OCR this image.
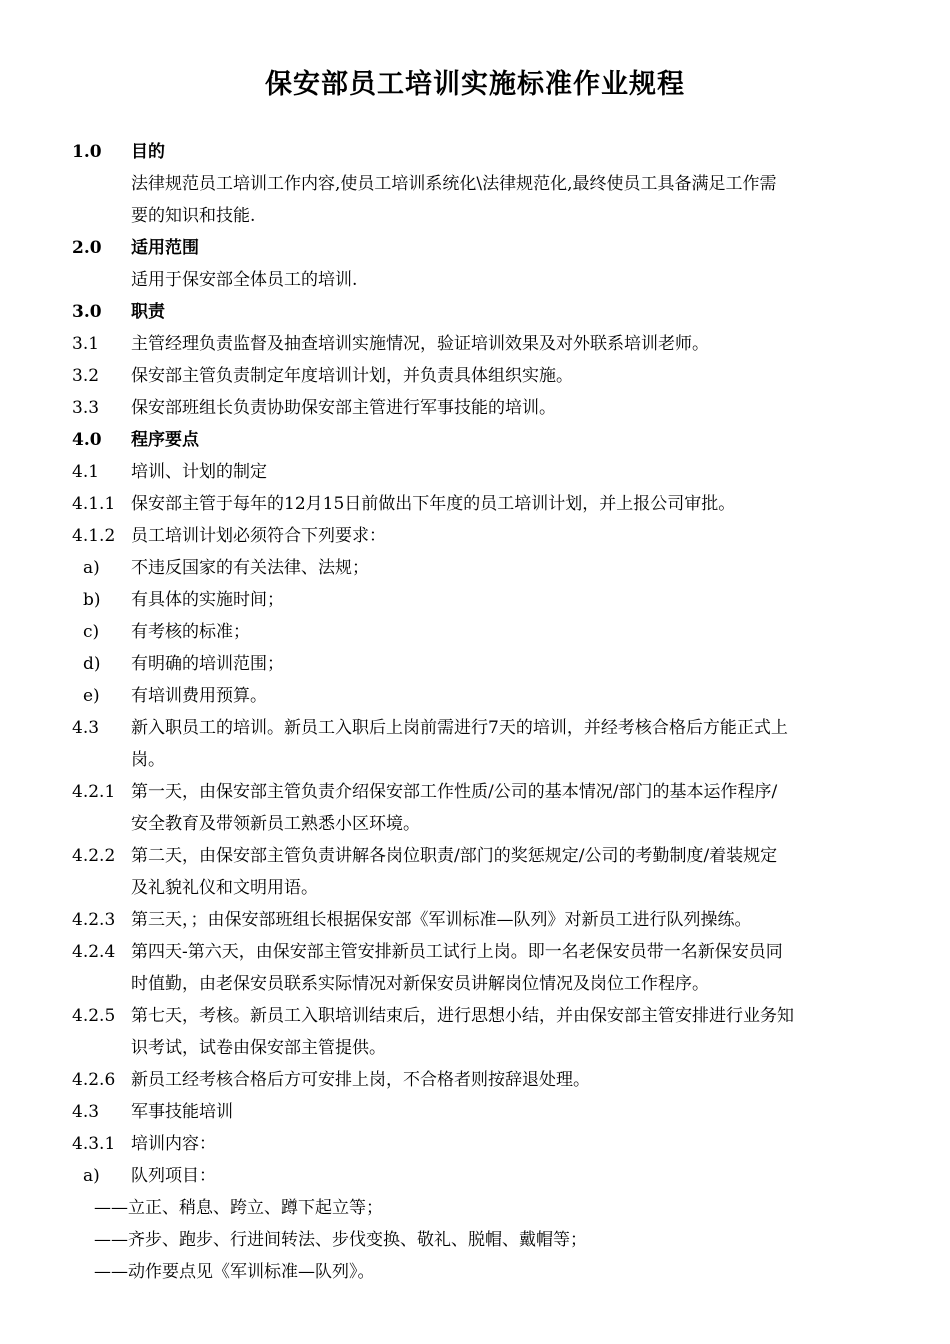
保安部员工培训实施标准作业规程
1.0 目的
法律规范员工培训工作内容,使员工培训系统化\法律规范化,最终使员工具备满足工作需
要的知识和技能.
2.0 适用范围
适用于保安部全体员工的培训.
3.0 职责
3.1 主管经理负责监督及抽查培训实施情况，验证培训效果及对外联系培训老师。
3.2 保安部主管负责制定年度培训计划，并负责具体组织实施。
3.3 保安部班组长负责协助保安部主管进行军事技能的培训。
4.0 程序要点
4.1 培训、计划的制定
4.1.1 保安部主管于每年的12月15日前做出下年度的员工培训计划，并上报公司审批。
4.1.2 员工培训计划必须符合下列要求：
a) 不违反国家的有关法律、法规；
b) 有具体的实施时间；
c) 有考核的标准；
d) 有明确的培训范围；
e) 有培训费用预算。
4.3 新入职员工的培训。新员工入职后上岗前需进行7天的培训，并经考核合格后方能正式上
岗。
4.2.1 第一天，由保安部主管负责介绍保安部工作性质/公司的基本情况/部门的基本运作程序/
安全教育及带领新员工熟悉小区环境。
4.2.2 第二天，由保安部主管负责讲解各岗位职责/部门的奖惩规定/公司的考勤制度/着装规定
及礼貌礼仪和文明用语。
4.2.3 第三天，；由保安部班组长根据保安部《军训标准—队列》对新员工进行队列操练。
4.2.4 第四天-第六天，由保安部主管安排新员工试行上岗。即一名老保安员带一名新保安员同
时值勤，由老保安员联系实际情况对新保安员讲解岗位情况及岗位工作程序。
4.2.5 第七天，考核。新员工入职培训结束后，进行思想小结，并由保安部主管安排进行业务知
识考试，试卷由保安部主管提供。
4.2.6 新员工经考核合格后方可安排上岗，不合格者则按辞退处理。
4.3 军事技能培训
4.3.1 培训内容：
a) 队列项目：
——立正、稍息、跨立、蹲下起立等；
——齐步、跑步、行进间转法、步伐变换、敬礼、脱帽、戴帽等；
——动作要点见《军训标准—队列》。
